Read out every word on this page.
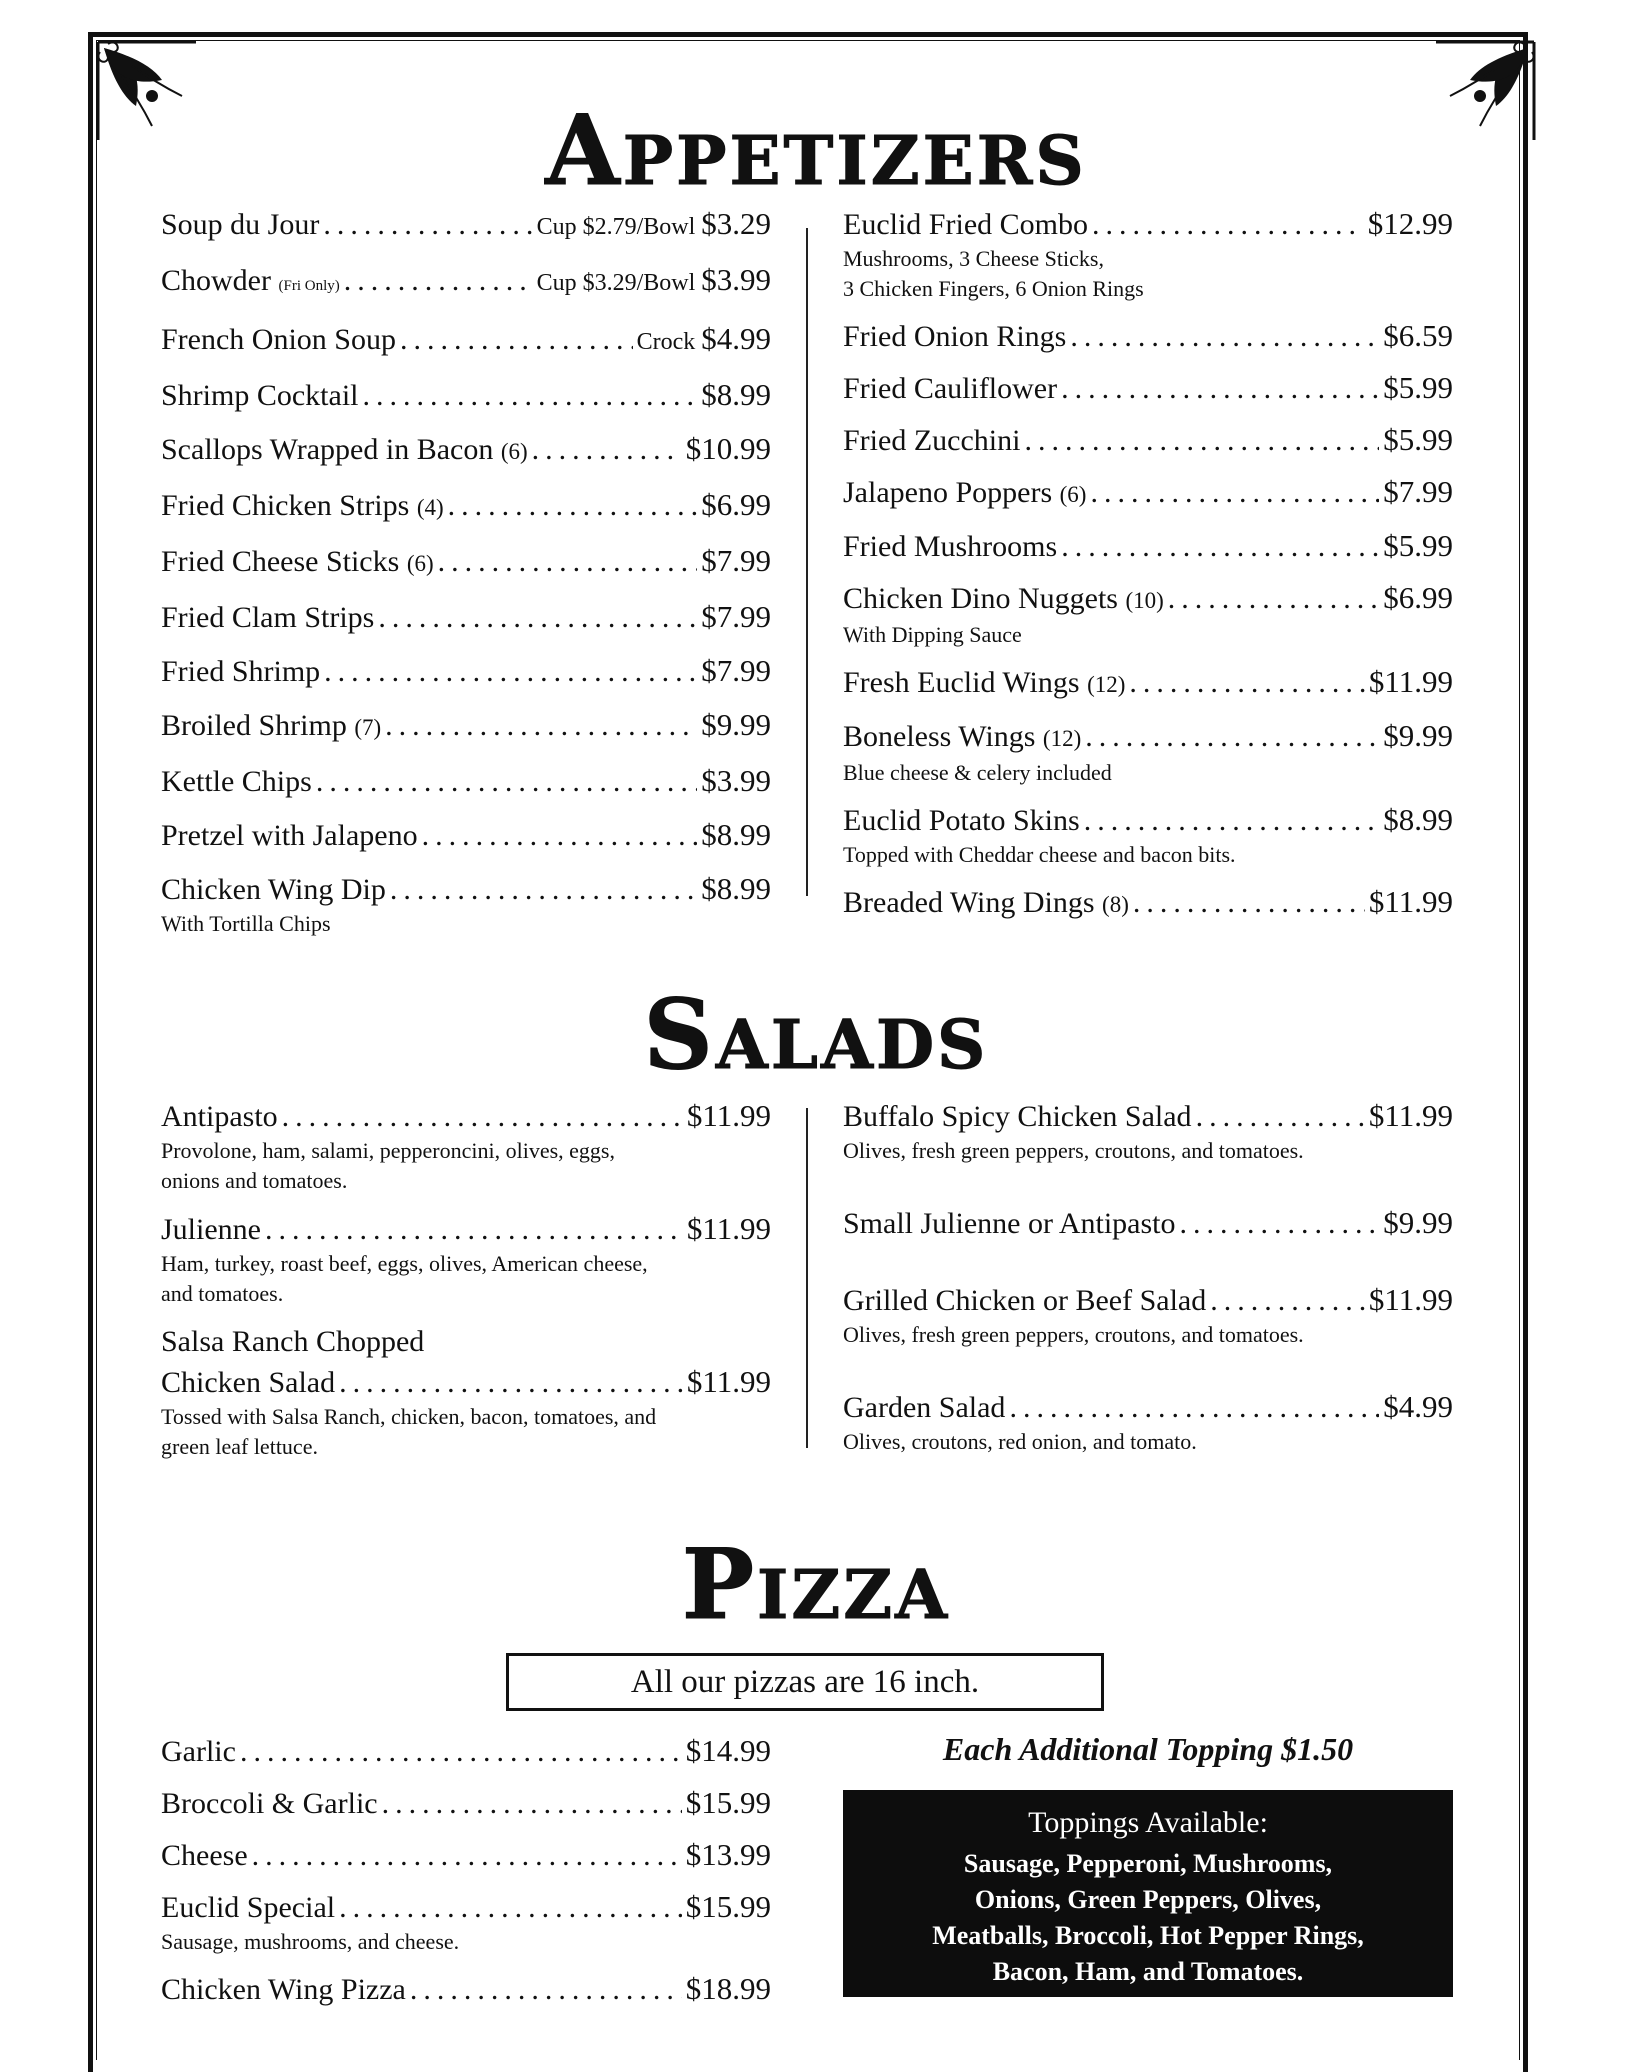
Appetizers
Soup du Jour .....	Cup $2.79/Bowl $3.29
Chowder (Fri Only) .....	Cup $3.29/Bowl $3.99
French Onion Soup .....	Crock $4.99
Shrimp Cocktail .....	$8.99
Scallops Wrapped in Bacon (6) .....	$10.99
Fried Chicken Strips (4) .....	$6.99
Fried Cheese Sticks (6) .....	$7.99
Fried Clam Strips .....	$7.99
Fried Shrimp .....	$7.99
Broiled Shrimp (7) .....	$9.99
Kettle Chips .....	$3.99
Pretzel with Jalapeno .....	$8.99
Chicken Wing Dip .....	$8.99
With Tortilla Chips
Euclid Fried Combo .....	$12.99
Mushrooms, 3 Cheese Sticks,
3 Chicken Fingers, 6 Onion Rings
Fried Onion Rings .....	$6.59
Fried Cauliflower .....	$5.99
Fried Zucchini .....	$5.99
Jalapeno Poppers (6) .....	$7.99
Fried Mushrooms .....	$5.99
Chicken Dino Nuggets (10) .....	$6.99
With Dipping Sauce
Fresh Euclid Wings (12) .....	$11.99
Boneless Wings (12) .....	$9.99
Blue cheese & celery included
Euclid Potato Skins .....	$8.99
Topped with Cheddar cheese and bacon bits.
Breaded Wing Dings (8) .....	$11.99
Salads
Antipasto .....	$11.99
Provolone, ham, salami, pepperoncini, olives, eggs,
onions and tomatoes.
Julienne .....	$11.99
Ham, turkey, roast beef, eggs, olives, American cheese,
and tomatoes.
Salsa Ranch Chopped
Chicken Salad .....	$11.99
Tossed with Salsa Ranch, chicken, bacon, tomatoes, and
green leaf lettuce.
Buffalo Spicy Chicken Salad .....	$11.99
Olives, fresh green peppers, croutons, and tomatoes.
Small Julienne or Antipasto .....	$9.99
Grilled Chicken or Beef Salad .....	$11.99
Olives, fresh green peppers, croutons, and tomatoes.
Garden Salad .....	$4.99
Olives, croutons, red onion, and tomato.
Pizza
All our pizzas are 16 inch.
Garlic .....	$14.99
Broccoli & Garlic .....	$15.99
Cheese .....	$13.99
Euclid Special .....	$15.99
Sausage, mushrooms, and cheese.
Chicken Wing Pizza .....	$18.99
Each Additional Topping $1.50
Toppings Available:
Sausage, Pepperoni, Mushrooms,
Onions, Green Peppers, Olives,
Meatballs, Broccoli, Hot Pepper Rings,
Bacon, Ham, and Tomatoes.
